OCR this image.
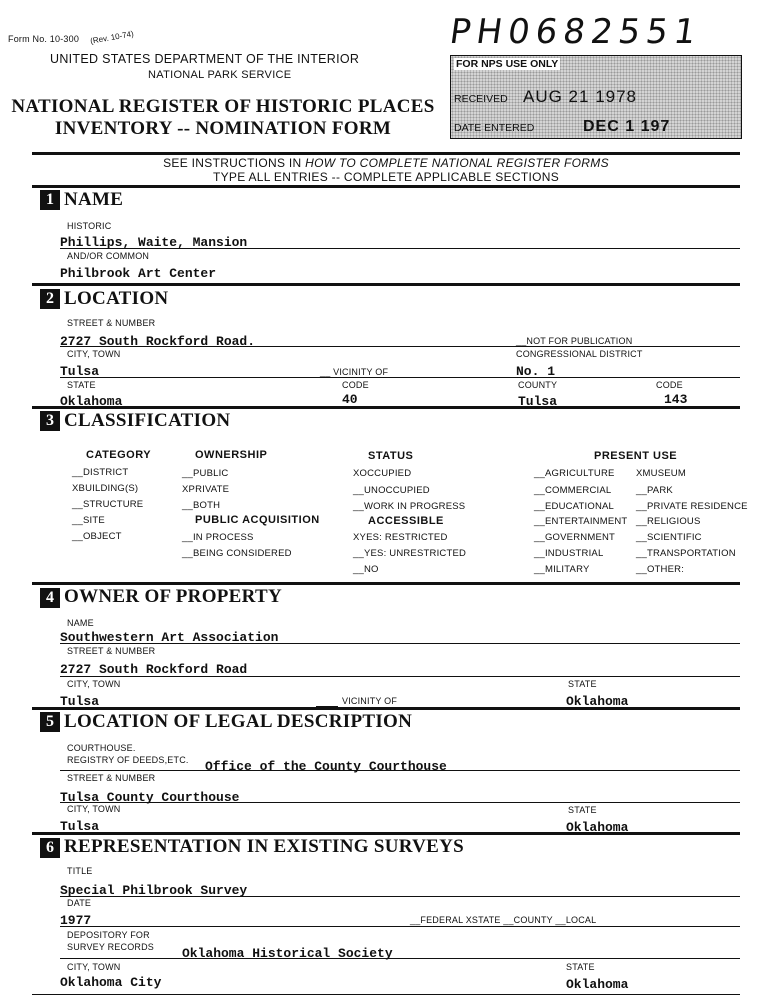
Form No. 10-300 (Rev. 10-74)
UNITED STATES DEPARTMENT OF THE INTERIOR
NATIONAL PARK SERVICE
NATIONAL REGISTER OF HISTORIC PLACES
INVENTORY -- NOMINATION FORM
PH0682551
FOR NPS USE ONLY
RECEIVED AUG 21 1978
DATE ENTERED	DEC 1 197
SEE INSTRUCTIONS IN HOW TO COMPLETE NATIONAL REGISTER FORMS
TYPE ALL ENTRIES -- COMPLETE APPLICABLE SECTIONS
1 NAME
HISTORIC
Phillips, Waite, Mansion
AND/OR COMMON
Philbrook Art Center
2 LOCATION
STREET & NUMBER
2727 South Rockford Road.	__NOT FOR PUBLICATION
CITY, TOWN	CONGRESSIONAL DISTRICT
Tulsa	__ VICINITY OF	No. 1
STATE	CODE	COUNTY	CODE
Oklahoma	40	Tulsa	143
3 CLASSIFICATION
CATEGORY
__DISTRICT
XBUILDING(S)
__STRUCTURE
__SITE
__OBJECT
OWNERSHIP
__PUBLIC
XPRIVATE
__BOTH
PUBLIC ACQUISITION
__IN PROCESS
__BEING CONSIDERED
STATUS
XOCCUPIED
__UNOCCUPIED
__WORK IN PROGRESS
ACCESSIBLE
XYES: RESTRICTED
__YES: UNRESTRICTED
__NO
PRESENT USE
__AGRICULTURE
__COMMERCIAL
__EDUCATIONAL
__ENTERTAINMENT
__GOVERNMENT
__INDUSTRIAL
__MILITARY
XMUSEUM
__PARK
__PRIVATE RESIDENCE
__RELIGIOUS
__SCIENTIFIC
__TRANSPORTATION
__OTHER:
4 OWNER OF PROPERTY
NAME
Southwestern Art Association
STREET & NUMBER
2727 South Rockford Road
CITY, TOWN	STATE
Tulsa	VICINITY OF	Oklahoma
5 LOCATION OF LEGAL DESCRIPTION
COURTHOUSE.
REGISTRY OF DEEDS,ETC. Office of the County Courthouse
STREET & NUMBER
Tulsa County Courthouse
CITY, TOWN	STATE
Tulsa	Oklahoma
6 REPRESENTATION IN EXISTING SURVEYS
TITLE
Special Philbrook Survey
DATE
1977	__FEDERAL XSTATE __COUNTY __LOCAL
DEPOSITORY FOR
SURVEY RECORDS Oklahoma Historical Society
CITY, TOWN	STATE
Oklahoma City	Oklahoma
